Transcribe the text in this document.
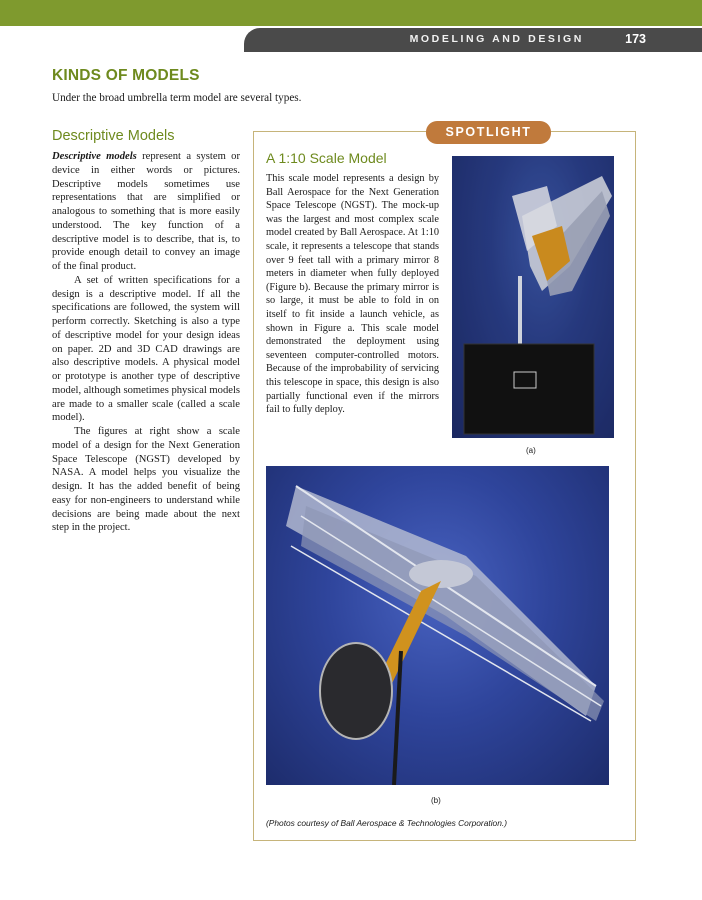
MODELING AND DESIGN	173
KINDS OF MODELS
Under the broad umbrella term model are several types.
Descriptive Models

Descriptive models represent a system or device in either words or pictures. Descriptive models sometimes use representations that are simplified or analogous to something that is more easily understood. The key function of a descriptive model is to describe, that is, to provide enough detail to convey an image of the final product.

A set of written specifications for a design is a descriptive model. If all the specifications are followed, the system will perform correctly. Sketching is also a type of descriptive model for your design ideas on paper. 2D and 3D CAD drawings are also descriptive models. A physical model or prototype is another type of descriptive model, although sometimes physical models are made to a smaller scale (called a scale model).

The figures at right show a scale model of a design for the Next Generation Space Telescope (NGST) developed by NASA. A model helps you visualize the design. It has the added benefit of being easy for non-engineers to understand while decisions are being made about the next step in the project.

SPOTLIGHT
A 1:10 Scale Model
This scale model represents a design by Ball Aerospace for the Next Generation Space Telescope (NGST). The mock-up was the largest and most complex scale model created by Ball Aerospace. At 1:10 scale, it represents a telescope that stands over 9 feet tall with a primary mirror 8 meters in diameter when fully deployed (Figure b). Because the primary mirror is so large, it must be able to fold in on itself to fit inside a launch vehicle, as shown in Figure a. This scale model demonstrated the deployment using seventeen computer-controlled motors. Because of the improbability of servicing this telescope in space, this design is also partially functional even if the mirrors fail to fully deploy.
(a)
(b)
(Photos courtesy of Ball Aerospace & Technologies Corporation.)
